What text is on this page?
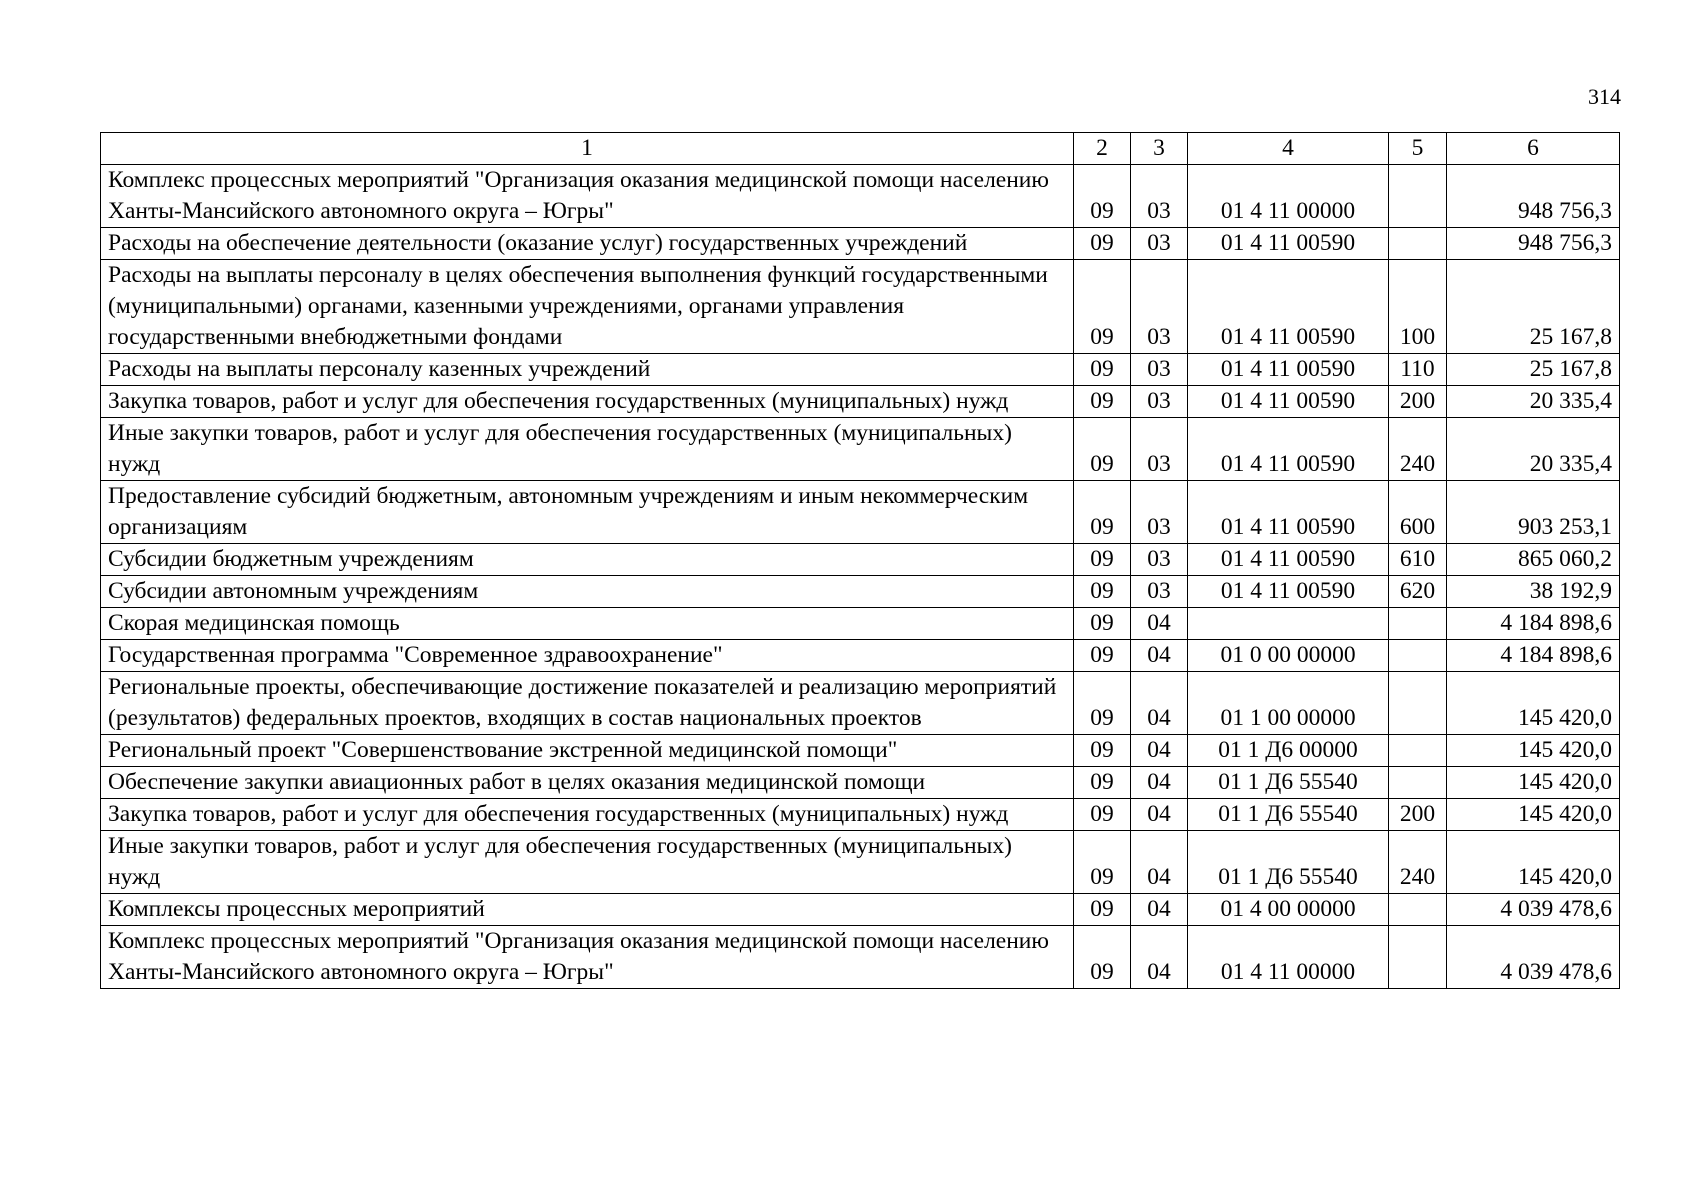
314
1	2	3	4	5	6
Комплекс процессных мероприятий "Организация оказания медицинской помощи населению Ханты-Мансийского автономного округа – Югры"	09	03	01 4 11 00000		948 756,3
Расходы на обеспечение деятельности (оказание услуг) государственных учреждений	09	03	01 4 11 00590		948 756,3
Расходы на выплаты персоналу в целях обеспечения выполнения функций государственными (муниципальными) органами, казенными учреждениями, органами управления государственными внебюджетными фондами	09	03	01 4 11 00590	100	25 167,8
Расходы на выплаты персоналу казенных учреждений	09	03	01 4 11 00590	110	25 167,8
Закупка товаров, работ и услуг для обеспечения государственных (муниципальных) нужд	09	03	01 4 11 00590	200	20 335,4
Иные закупки товаров, работ и услуг для обеспечения государственных (муниципальных) нужд	09	03	01 4 11 00590	240	20 335,4
Предоставление субсидий бюджетным, автономным учреждениям и иным некоммерческим организациям	09	03	01 4 11 00590	600	903 253,1
Субсидии бюджетным учреждениям	09	03	01 4 11 00590	610	865 060,2
Субсидии автономным учреждениям	09	03	01 4 11 00590	620	38 192,9
Скорая медицинская помощь	09	04			4 184 898,6
Государственная программа "Современное здравоохранение"	09	04	01 0 00 00000		4 184 898,6
Региональные проекты, обеспечивающие достижение показателей и реализацию мероприятий (результатов) федеральных проектов, входящих в состав национальных проектов	09	04	01 1 00 00000		145 420,0
Региональный проект "Совершенствование экстренной медицинской помощи"	09	04	01 1 Д6 00000		145 420,0
Обеспечение закупки авиационных работ в целях оказания медицинской помощи	09	04	01 1 Д6 55540		145 420,0
Закупка товаров, работ и услуг для обеспечения государственных (муниципальных) нужд	09	04	01 1 Д6 55540	200	145 420,0
Иные закупки товаров, работ и услуг для обеспечения государственных (муниципальных) нужд	09	04	01 1 Д6 55540	240	145 420,0
Комплексы процессных мероприятий	09	04	01 4 00 00000		4 039 478,6
Комплекс процессных мероприятий "Организация оказания медицинской помощи населению Ханты-Мансийского автономного округа – Югры"	09	04	01 4 11 00000		4 039 478,6
